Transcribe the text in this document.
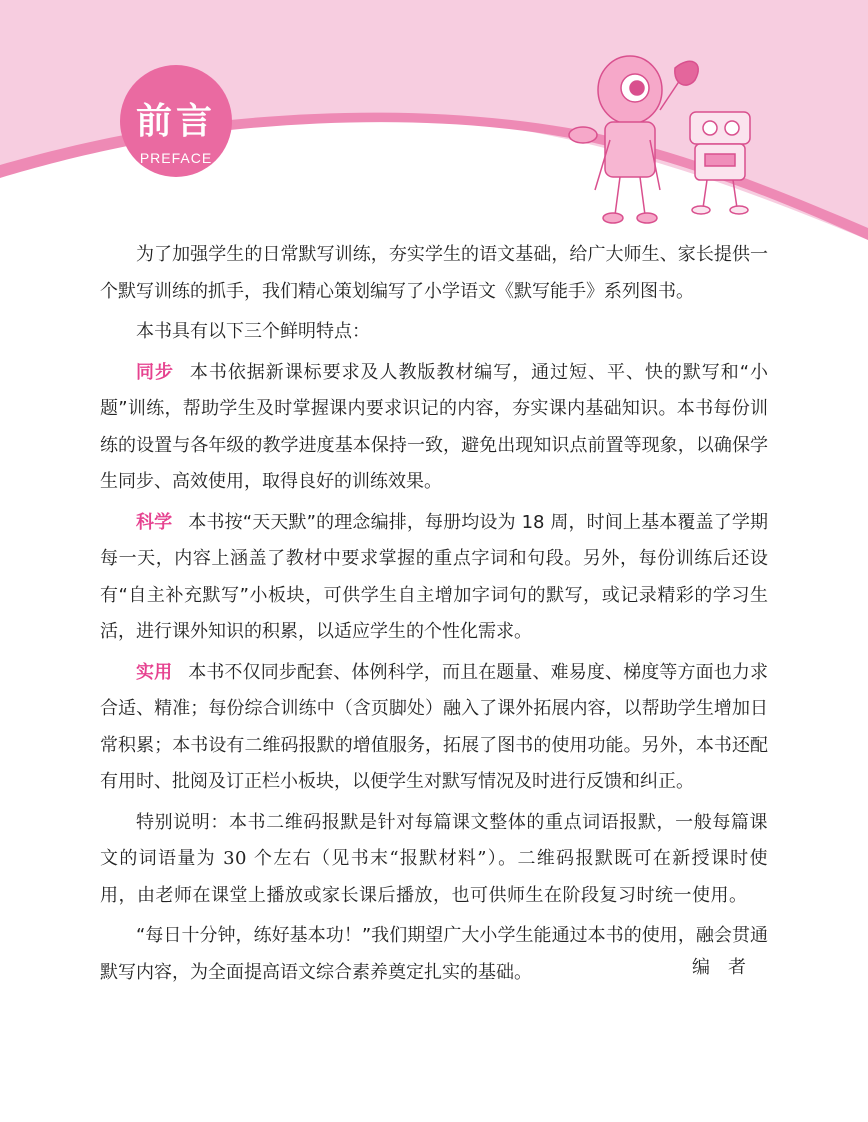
前言
PREFACE

为了加强学生的日常默写训练，夯实学生的语文基础，给广大师生、家长提供一个默写训练的抓手，我们精心策划编写了小学语文《默写能手》系列图书。

本书具有以下三个鲜明特点：

同步 本书依据新课标要求及人教版教材编写，通过短、平、快的默写和“小题”训练，帮助学生及时掌握课内要求识记的内容，夯实课内基础知识。本书每份训练的设置与各年级的教学进度基本保持一致，避免出现知识点前置等现象，以确保学生同步、高效使用，取得良好的训练效果。

科学 本书按“天天默”的理念编排，每册均设为 18 周，时间上基本覆盖了学期每一天，内容上涵盖了教材中要求掌握的重点字词和句段。另外，每份训练后还设有“自主补充默写”小板块，可供学生自主增加字词句的默写，或记录精彩的学习生活，进行课外知识的积累，以适应学生的个性化需求。

实用 本书不仅同步配套、体例科学，而且在题量、难易度、梯度等方面也力求合适、精准；每份综合训练中（含页脚处）融入了课外拓展内容，以帮助学生增加日常积累；本书设有二维码报默的增值服务，拓展了图书的使用功能。另外，本书还配有用时、批阅及订正栏小板块，以便学生对默写情况及时进行反馈和纠正。

特别说明：本书二维码报默是针对每篇课文整体的重点词语报默，一般每篇课文的词语量为 30 个左右（见书末“报默材料”）。二维码报默既可在新授课时使用，由老师在课堂上播放或家长课后播放，也可供师生在阶段复习时统一使用。

“每日十分钟，练好基本功！”我们期望广大小学生能通过本书的使用，融会贯通默写内容，为全面提高语文综合素养奠定扎实的基础。	编者
